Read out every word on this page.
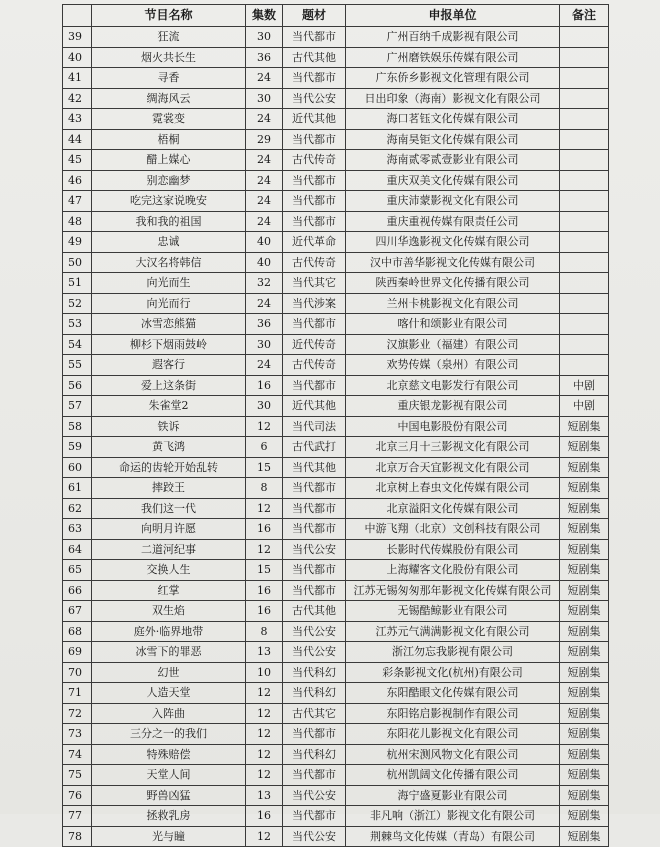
	节目名称	集数	题材	申报单位	备注
39	狂流	30	当代都市	广州百纳千成影视有限公司	
40	烟火共长生	36	古代其他	广州磨铁娱乐传媒有限公司	
41	寻香	24	当代都市	广东侨乡影视文化管理有限公司	
42	绸海风云	30	当代公安	日出印象（海南）影视文化有限公司	
43	霓裳变	24	近代其他	海口茗钰文化传媒有限公司	
44	梧桐	29	当代都市	海南昊钜文化传媒有限公司	
45	醋上媒心	24	古代传奇	海南贰零贰壹影业有限公司	
46	别恋幽梦	24	当代都市	重庆双美文化传媒有限公司	
47	吃完这家说晚安	24	当代都市	重庆沛蒙影视文化有限公司	
48	我和我的祖国	24	当代都市	重庆重视传媒有限责任公司	
49	忠诚	40	近代革命	四川华逸影视文化传媒有限公司	
50	大汉名将韩信	40	古代传奇	汉中市善华影视文化传媒有限公司	
51	向光而生	32	当代其它	陕西秦岭世界文化传播有限公司	
52	向光而行	24	当代涉案	兰州卡桃影视文化有限公司	
53	冰雪恋熊猫	36	当代都市	喀什和颂影业有限公司	
54	柳杉下烟雨鼓岭	30	近代传奇	汉旗影业（福建）有限公司	
55	遐客行	24	古代传奇	欢势传媒（泉州）有限公司	
56	爱上这条街	16	当代都市	北京慈文电影发行有限公司	中剧
57	朱雀堂2	30	近代其他	重庆银龙影视有限公司	中剧
58	铁诉	12	当代司法	中国电影股份有限公司	短剧集
59	黄飞鸿	6	古代武打	北京三月十三影视文化有限公司	短剧集
60	命运的齿轮开始乱转	15	当代其他	北京万合天宜影视文化有限公司	短剧集
61	摔跤王	8	当代都市	北京树上春虫文化传媒有限公司	短剧集
62	我们这一代	12	当代都市	北京溢阳文化传媒有限公司	短剧集
63	向明月许愿	16	当代都市	中游飞翔（北京）文创科技有限公司	短剧集
64	二道河纪事	12	当代公安	长影时代传媒股份有限公司	短剧集
65	交换人生	15	当代都市	上海耀客文化股份有限公司	短剧集
66	红掌	16	当代都市	江苏无锡匆匆那年影视文化传媒有限公司	短剧集
67	双生焰	16	古代其他	无锡酷鲸影业有限公司	短剧集
68	庭外·临界地带	8	当代公安	江苏元气满满影视文化有限公司	短剧集
69	冰雪下的罪恶	13	当代公安	浙江勿忘我影视有限公司	短剧集
70	幻世	10	当代科幻	彩条影视文化(杭州)有限公司	短剧集
71	人造天堂	12	当代科幻	东阳酷眼文化传媒有限公司	短剧集
72	入阵曲	12	古代其它	东阳铭启影视制作有限公司	短剧集
73	三分之一的我们	12	当代都市	东阳花儿影视文化有限公司	短剧集
74	特殊赔偿	12	当代科幻	杭州宋测风物文化有限公司	短剧集
75	天堂人间	12	当代都市	杭州凯阔文化传播有限公司	短剧集
76	野兽凶猛	13	当代公安	海宁盛夏影业有限公司	短剧集
77	拯救乳房	16	当代都市	非凡响（浙江）影视文化有限公司	短剧集
78	光与瞳	12	当代公安	荆棘鸟文化传媒（青岛）有限公司	短剧集
